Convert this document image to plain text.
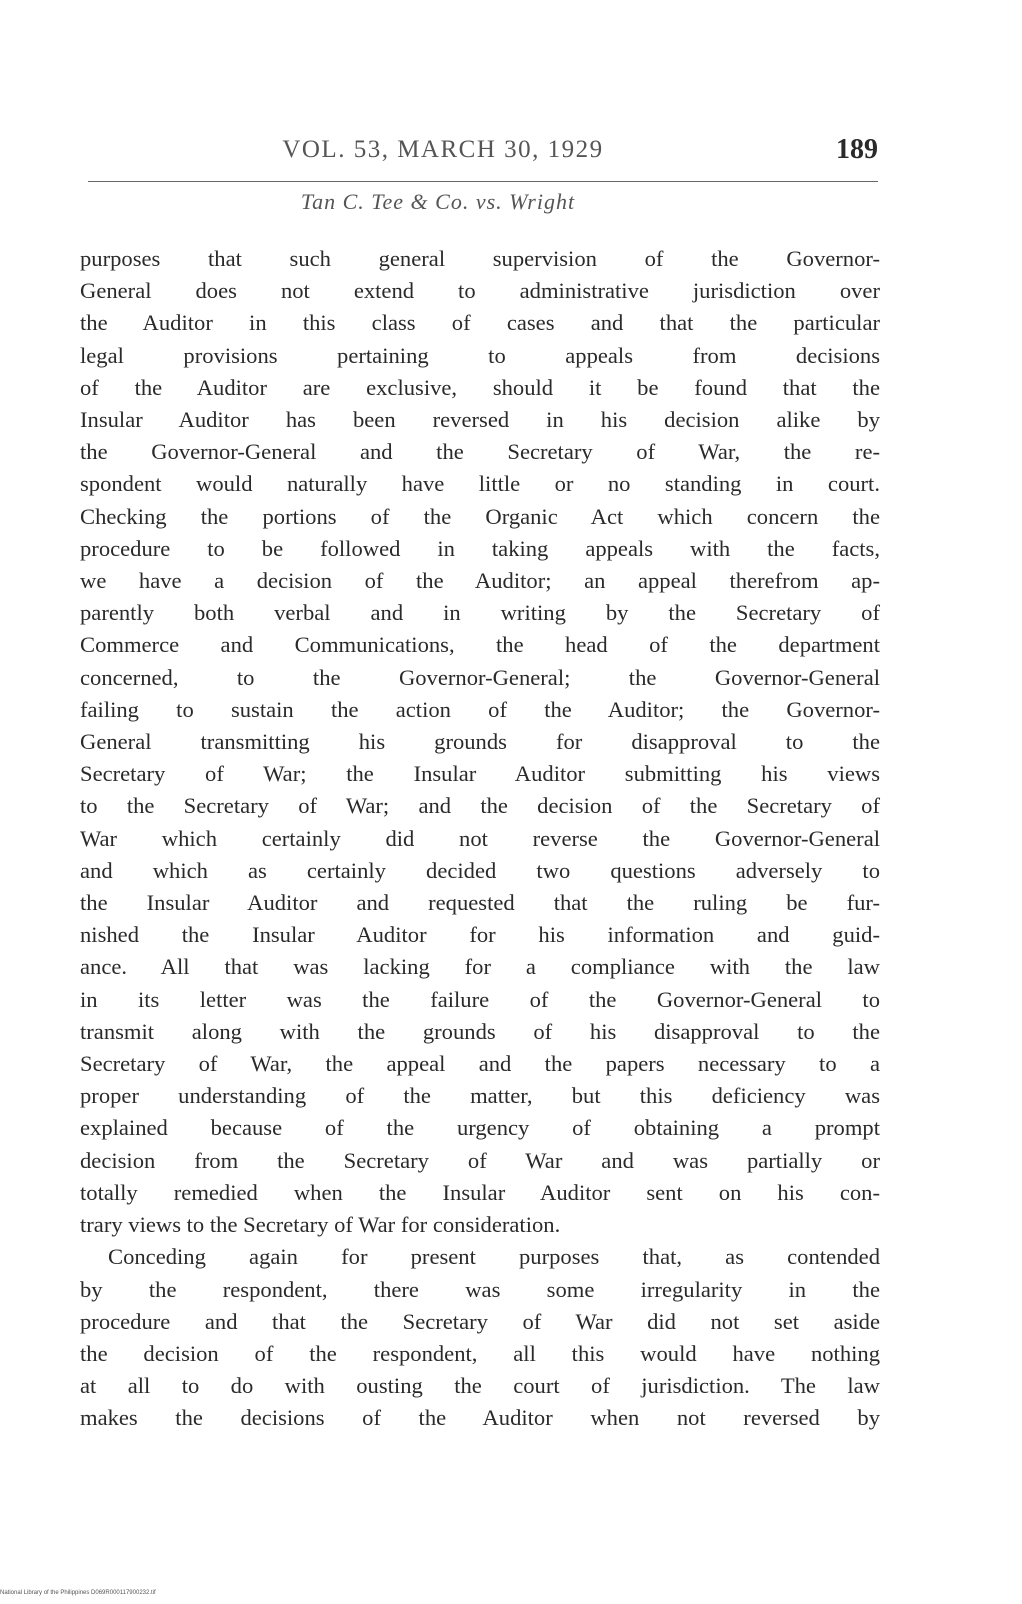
VOL. 53, MARCH 30, 1929	189
Tan C. Tee & Co. vs. Wright

purposes that such general supervision of the Governor-
General does not extend to administrative jurisdiction over
the Auditor in this class of cases and that the particular
legal provisions pertaining to appeals from decisions
of the Auditor are exclusive, should it be found that the
Insular Auditor has been reversed in his decision alike by
the Governor-General and the Secretary of War, the re-
spondent would naturally have little or no standing in court.
Checking the portions of the Organic Act which concern the
procedure to be followed in taking appeals with the facts,
we have a decision of the Auditor; an appeal therefrom ap-
parently both verbal and in writing by the Secretary of
Commerce and Communications, the head of the department
concerned, to the Governor-General; the Governor-General
failing to sustain the action of the Auditor; the Governor-
General transmitting his grounds for disapproval to the
Secretary of War; the Insular Auditor submitting his views
to the Secretary of War; and the decision of the Secretary of
War which certainly did not reverse the Governor-General
and which as certainly decided two questions adversely to
the Insular Auditor and requested that the ruling be fur-
nished the Insular Auditor for his information and guid-
ance. All that was lacking for a compliance with the law
in its letter was the failure of the Governor-General to
transmit along with the grounds of his disapproval to the
Secretary of War, the appeal and the papers necessary to a
proper understanding of the matter, but this deficiency was
explained because of the urgency of obtaining a prompt
decision from the Secretary of War and was partially or
totally remedied when the Insular Auditor sent on his con-
trary views to the Secretary of War for consideration.

Conceding again for present purposes that, as contended
by the respondent, there was some irregularity in the
procedure and that the Secretary of War did not set aside
the decision of the respondent, all this would have nothing
at all to do with ousting the court of jurisdiction. The law
makes the decisions of the Auditor when not reversed by

National Library of the Philippines D069R000117900232.tif
